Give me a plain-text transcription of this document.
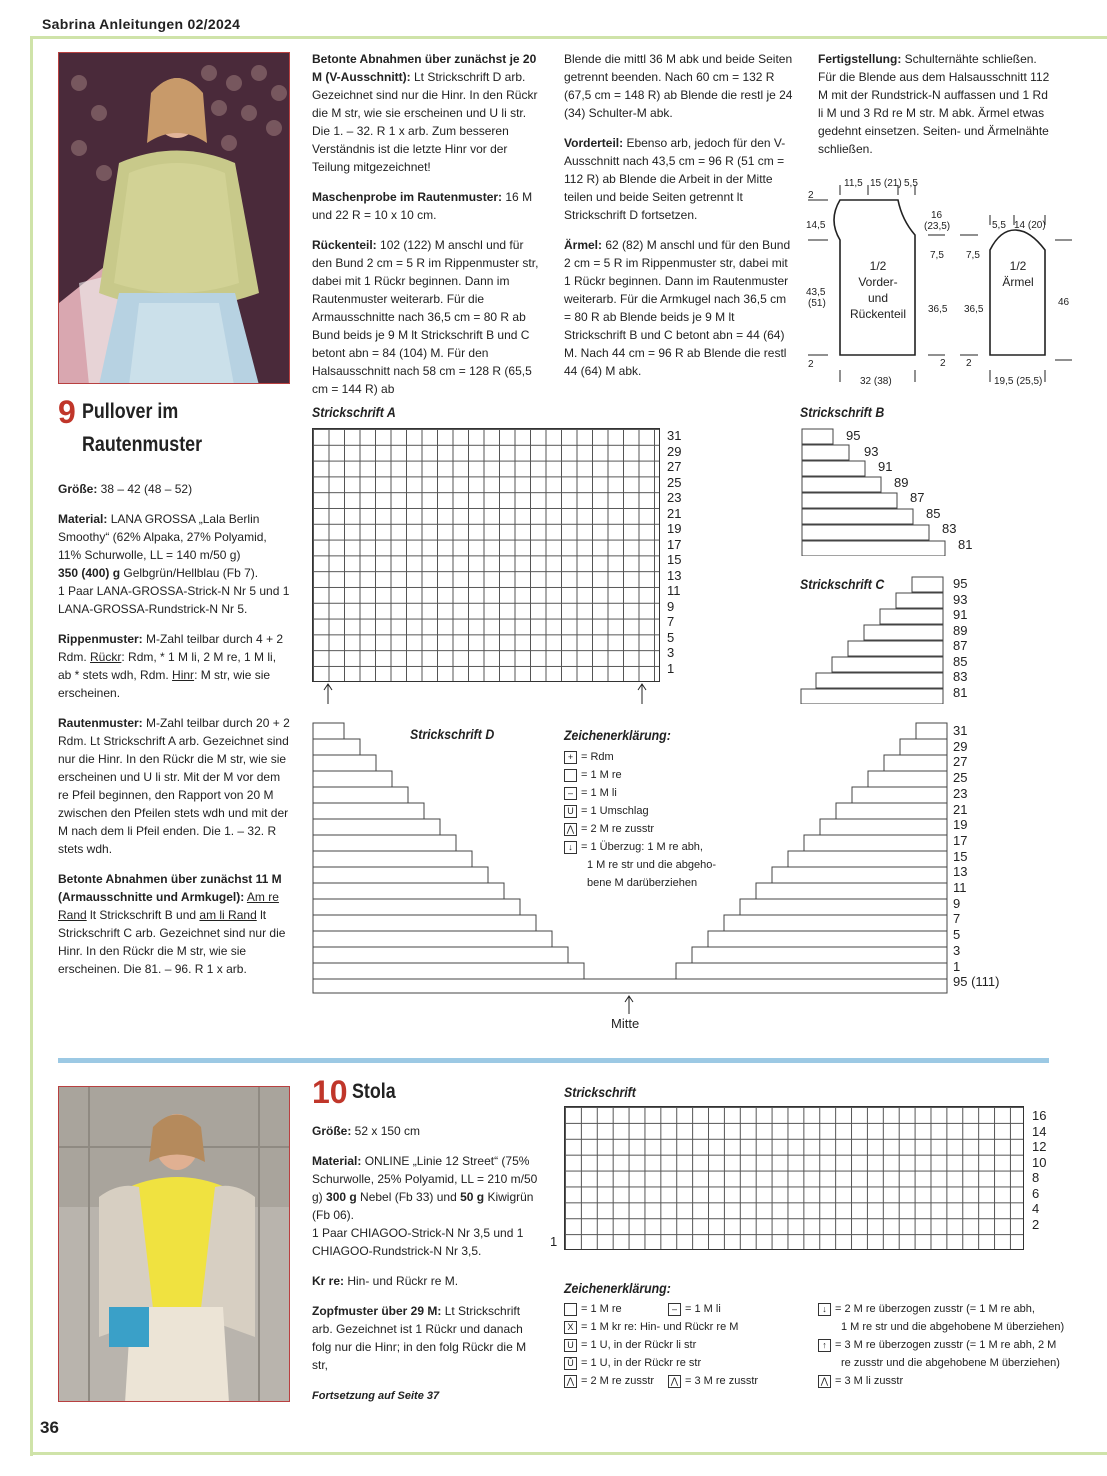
Sabrina Anleitungen 02/2024
9 Pullover im
Rautenmuster

Größe: 38 – 42 (48 – 52)

Material: LANA GROSSA „Lala Berlin Smoothy“ (62% Alpaka, 27% Polyamid, 11% Schurwolle, LL = 140 m/50 g)
350 (400) g Gelbgrün/Hellblau (Fb 7).
1 Paar LANA-GROSSA-Strick-N Nr 5 und 1 LANA-GROSSA-Rundstrick-N Nr 5.

Rippenmuster: M-Zahl teilbar durch 4 + 2 Rdm. Rückr: Rdm, * 1 M li, 2 M re, 1 M li, ab * stets wdh, Rdm. Hinr: M str, wie sie erscheinen.

Rautenmuster: M-Zahl teilbar durch 20 + 2 Rdm. Lt Strickschrift A arb. Gezeichnet sind nur die Hinr. In den Rückr die M str, wie sie erscheinen und U li str. Mit der M vor dem re Pfeil beginnen, den Rapport von 20 M zwischen den Pfeilen stets wdh und mit der M nach dem li Pfeil enden. Die 1. – 32. R stets wdh.

Betonte Abnahmen über zunächst 11 M (Armausschnitte und Armkugel): Am re Rand lt Strickschrift B und am li Rand lt Strickschrift C arb. Gezeichnet sind nur die Hinr. In den Rückr die M str, wie sie erscheinen. Die 81. – 96. R 1 x arb.

Betonte Abnahmen über zunächst je 20 M (V-Ausschnitt): Lt Strickschrift D arb. Gezeichnet sind nur die Hinr. In den Rückr die M str, wie sie erscheinen und U li str. Die 1. – 32. R 1 x arb. Zum besseren Verständnis ist die letzte Hinr vor der Teilung mitgezeichnet!

Maschenprobe im Rautenmuster: 16 M und 22 R = 10 x 10 cm.

Rückenteil: 102 (122) M anschl und für den Bund 2 cm = 5 R im Rippenmuster str, dabei mit 1 Rückr beginnen. Dann im Rautenmuster weiterarb. Für die Armausschnitte nach 36,5 cm = 80 R ab Bund beids je 9 M lt Strickschrift B und C betont abn = 84 (104) M. Für den Halsausschnitt nach 58 cm = 128 R (65,5 cm = 144 R) ab

Blende die mittl 36 M abk und beide Seiten getrennt beenden. Nach 60 cm = 132 R (67,5 cm = 148 R) ab Blende die restl je 24 (34) Schulter-M abk.

Vorderteil: Ebenso arb, jedoch für den V-Ausschnitt nach 43,5 cm = 96 R (51 cm = 112 R) ab Blende die Arbeit in der Mitte teilen und beide Seiten getrennt lt Strickschrift D fortsetzen.

Ärmel: 62 (82) M anschl und für den Bund 2 cm = 5 R im Rippenmuster str, dabei mit 1 Rückr beginnen. Dann im Rautenmuster weiterarb. Für die Armkugel nach 36,5 cm = 80 R ab Blende beids je 9 M lt Strickschrift B und C betont abn = 44 (64) M. Nach 44 cm = 96 R ab Blende die restl 44 (64) M abk.

Fertigstellung: Schulternähte schließen. Für die Blende aus dem Halsausschnitt 112 M mit der Rundstrick-N auffassen und 1 Rd li M und 3 Rd re M str. M abk. Ärmel etwas gedehnt einsetzen. Seiten- und Ärmelnähte schließen.

11,5 15 (21) 5,5
16
(23,5)
2
14,5
43,5
(51)
2
7,5
36,5
2
32 (38)
7,5
36,5
2
5,5 14 (20)
46
19,5 (25,5)
1/2
Vorder-
und
Rückenteil
1/2
Ärmel
Strickschrift A
31
29
27
25
23
21
19
17
15
13
11
9
7
5
3
1
Strickschrift B
95
93
91
89
87
85
83
81
Strickschrift C	95
93
91
89
87
85
83
81
Strickschrift D	31
29
27
25
23
21
19
17
15
13
11
9
7
5
3
1
95 (111)
Mitte
Zeichenerklärung:
+ = Rdm
= 1 M re
– = 1 M li
U = 1 Umschlag
⋀ = 2 M re zusstr
↓ = 1 Überzug: 1 M re abh,
1 M re str und die abgeho-
bene M darüberziehen
10 Stola

Größe: 52 x 150 cm

Material: ONLINE „Linie 12 Street“ (75% Schurwolle, 25% Polyamid, LL = 210 m/50 g) 300 g Nebel (Fb 33) und 50 g Kiwigrün (Fb 06).
1 Paar CHIAGOO-Strick-N Nr 3,5 und 1 CHIAGOO-Rundstrick-N Nr 3,5.

Kr re: Hin- und Rückr re M.

Zopfmuster über 29 M: Lt Strickschrift arb. Gezeichnet ist 1 Rückr und danach folg nur die Hinr; in den folg Rückr die M str,

Fortsetzung auf Seite 37
Strickschrift
16
14
12
10
8
6
4
2
1
Zeichenerklärung:
= 1 M re
X = 1 M kr re: Hin- und Rückr re M
U = 1 U, in der Rückr li str
Ū = 1 U, in der Rückr re str
⋀ = 2 M re zusstr
– = 1 M li
⋀ = 3 M re zusstr
↓ = 2 M re überzogen zusstr (= 1 M re abh,
1 M re str und die abgehobene M überziehen)
↑ = 3 M re überzogen zusstr (= 1 M re abh, 2 M
re zusstr und die abgehobene M überziehen)
⋀ = 3 M li zusstr
36
